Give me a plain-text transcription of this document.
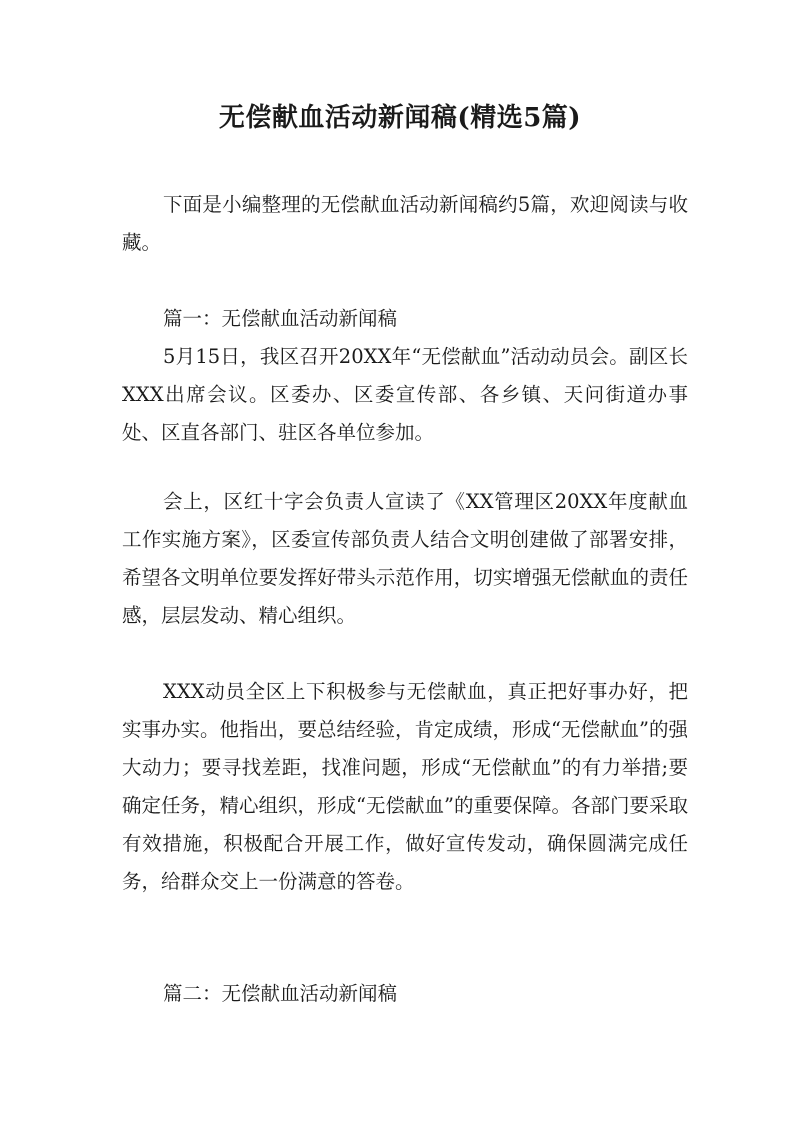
无偿献血活动新闻稿(精选5篇)

下面是小编整理的无偿献血活动新闻稿约5篇，欢迎阅读与收藏。

篇一：无偿献血活动新闻稿

5月15日，我区召开20XX年“无偿献血”活动动员会。副区长XXX出席会议。区委办、区委宣传部、各乡镇、天问街道办事处、区直各部门、驻区各单位参加。

会上，区红十字会负责人宣读了《XX管理区20XX年度献血工作实施方案》，区委宣传部负责人结合文明创建做了部署安排，希望各文明单位要发挥好带头示范作用，切实增强无偿献血的责任感，层层发动、精心组织。

XXX动员全区上下积极参与无偿献血，真正把好事办好，把实事办实。他指出，要总结经验，肯定成绩，形成“无偿献血”的强大动力；要寻找差距，找准问题，形成“无偿献血”的有力举措;要确定任务，精心组织，形成“无偿献血”的重要保障。各部门要采取有效措施，积极配合开展工作，做好宣传发动，确保圆满完成任务，给群众交上一份满意的答卷。

篇二：无偿献血活动新闻稿
